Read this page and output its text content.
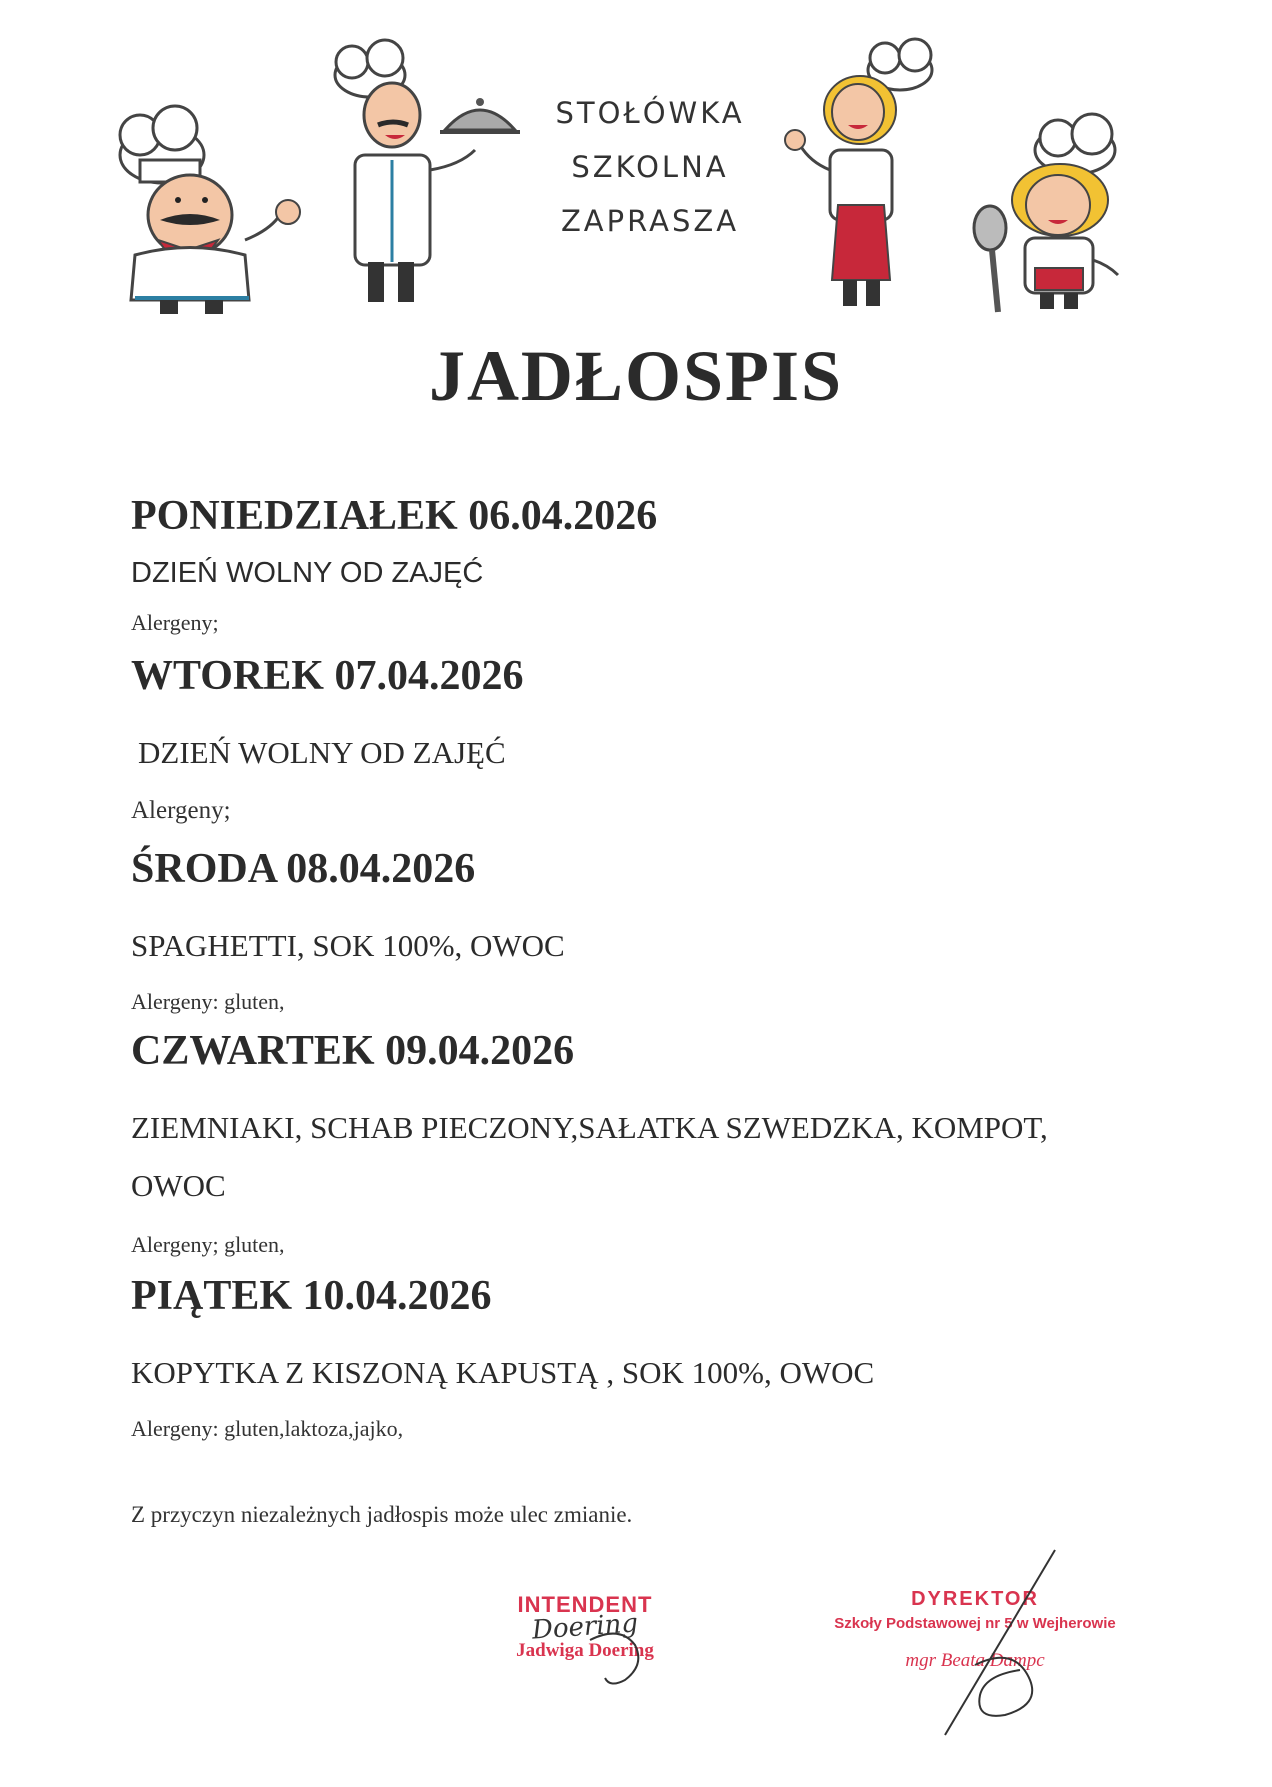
STOŁÓWKA
SZKOLNA
ZAPRASZA
JADŁOSPIS
PONIEDZIAŁEK 06.04.2026
DZIEŃ WOLNY OD ZAJĘĆ
Alergeny;
WTOREK 07.04.2026
DZIEŃ WOLNY OD ZAJĘĆ
Alergeny;
ŚRODA 08.04.2026
SPAGHETTI, SOK 100%, OWOC
Alergeny: gluten,
CZWARTEK 09.04.2026
ZIEMNIAKI, SCHAB PIECZONY,SAŁATKA SZWEDZKA, KOMPOT,
OWOC
Alergeny; gluten,
PIĄTEK 10.04.2026
KOPYTKA Z KISZONĄ KAPUSTĄ , SOK 100%, OWOC
Alergeny: gluten,laktoza,jajko,
Z przyczyn niezależnych jadłospis może ulec zmianie.
INTENDENT
Doering
Jadwiga Doering
DYREKTOR
Szkoły Podstawowej nr 5 w Wejherowie
mgr Beata Dampc
